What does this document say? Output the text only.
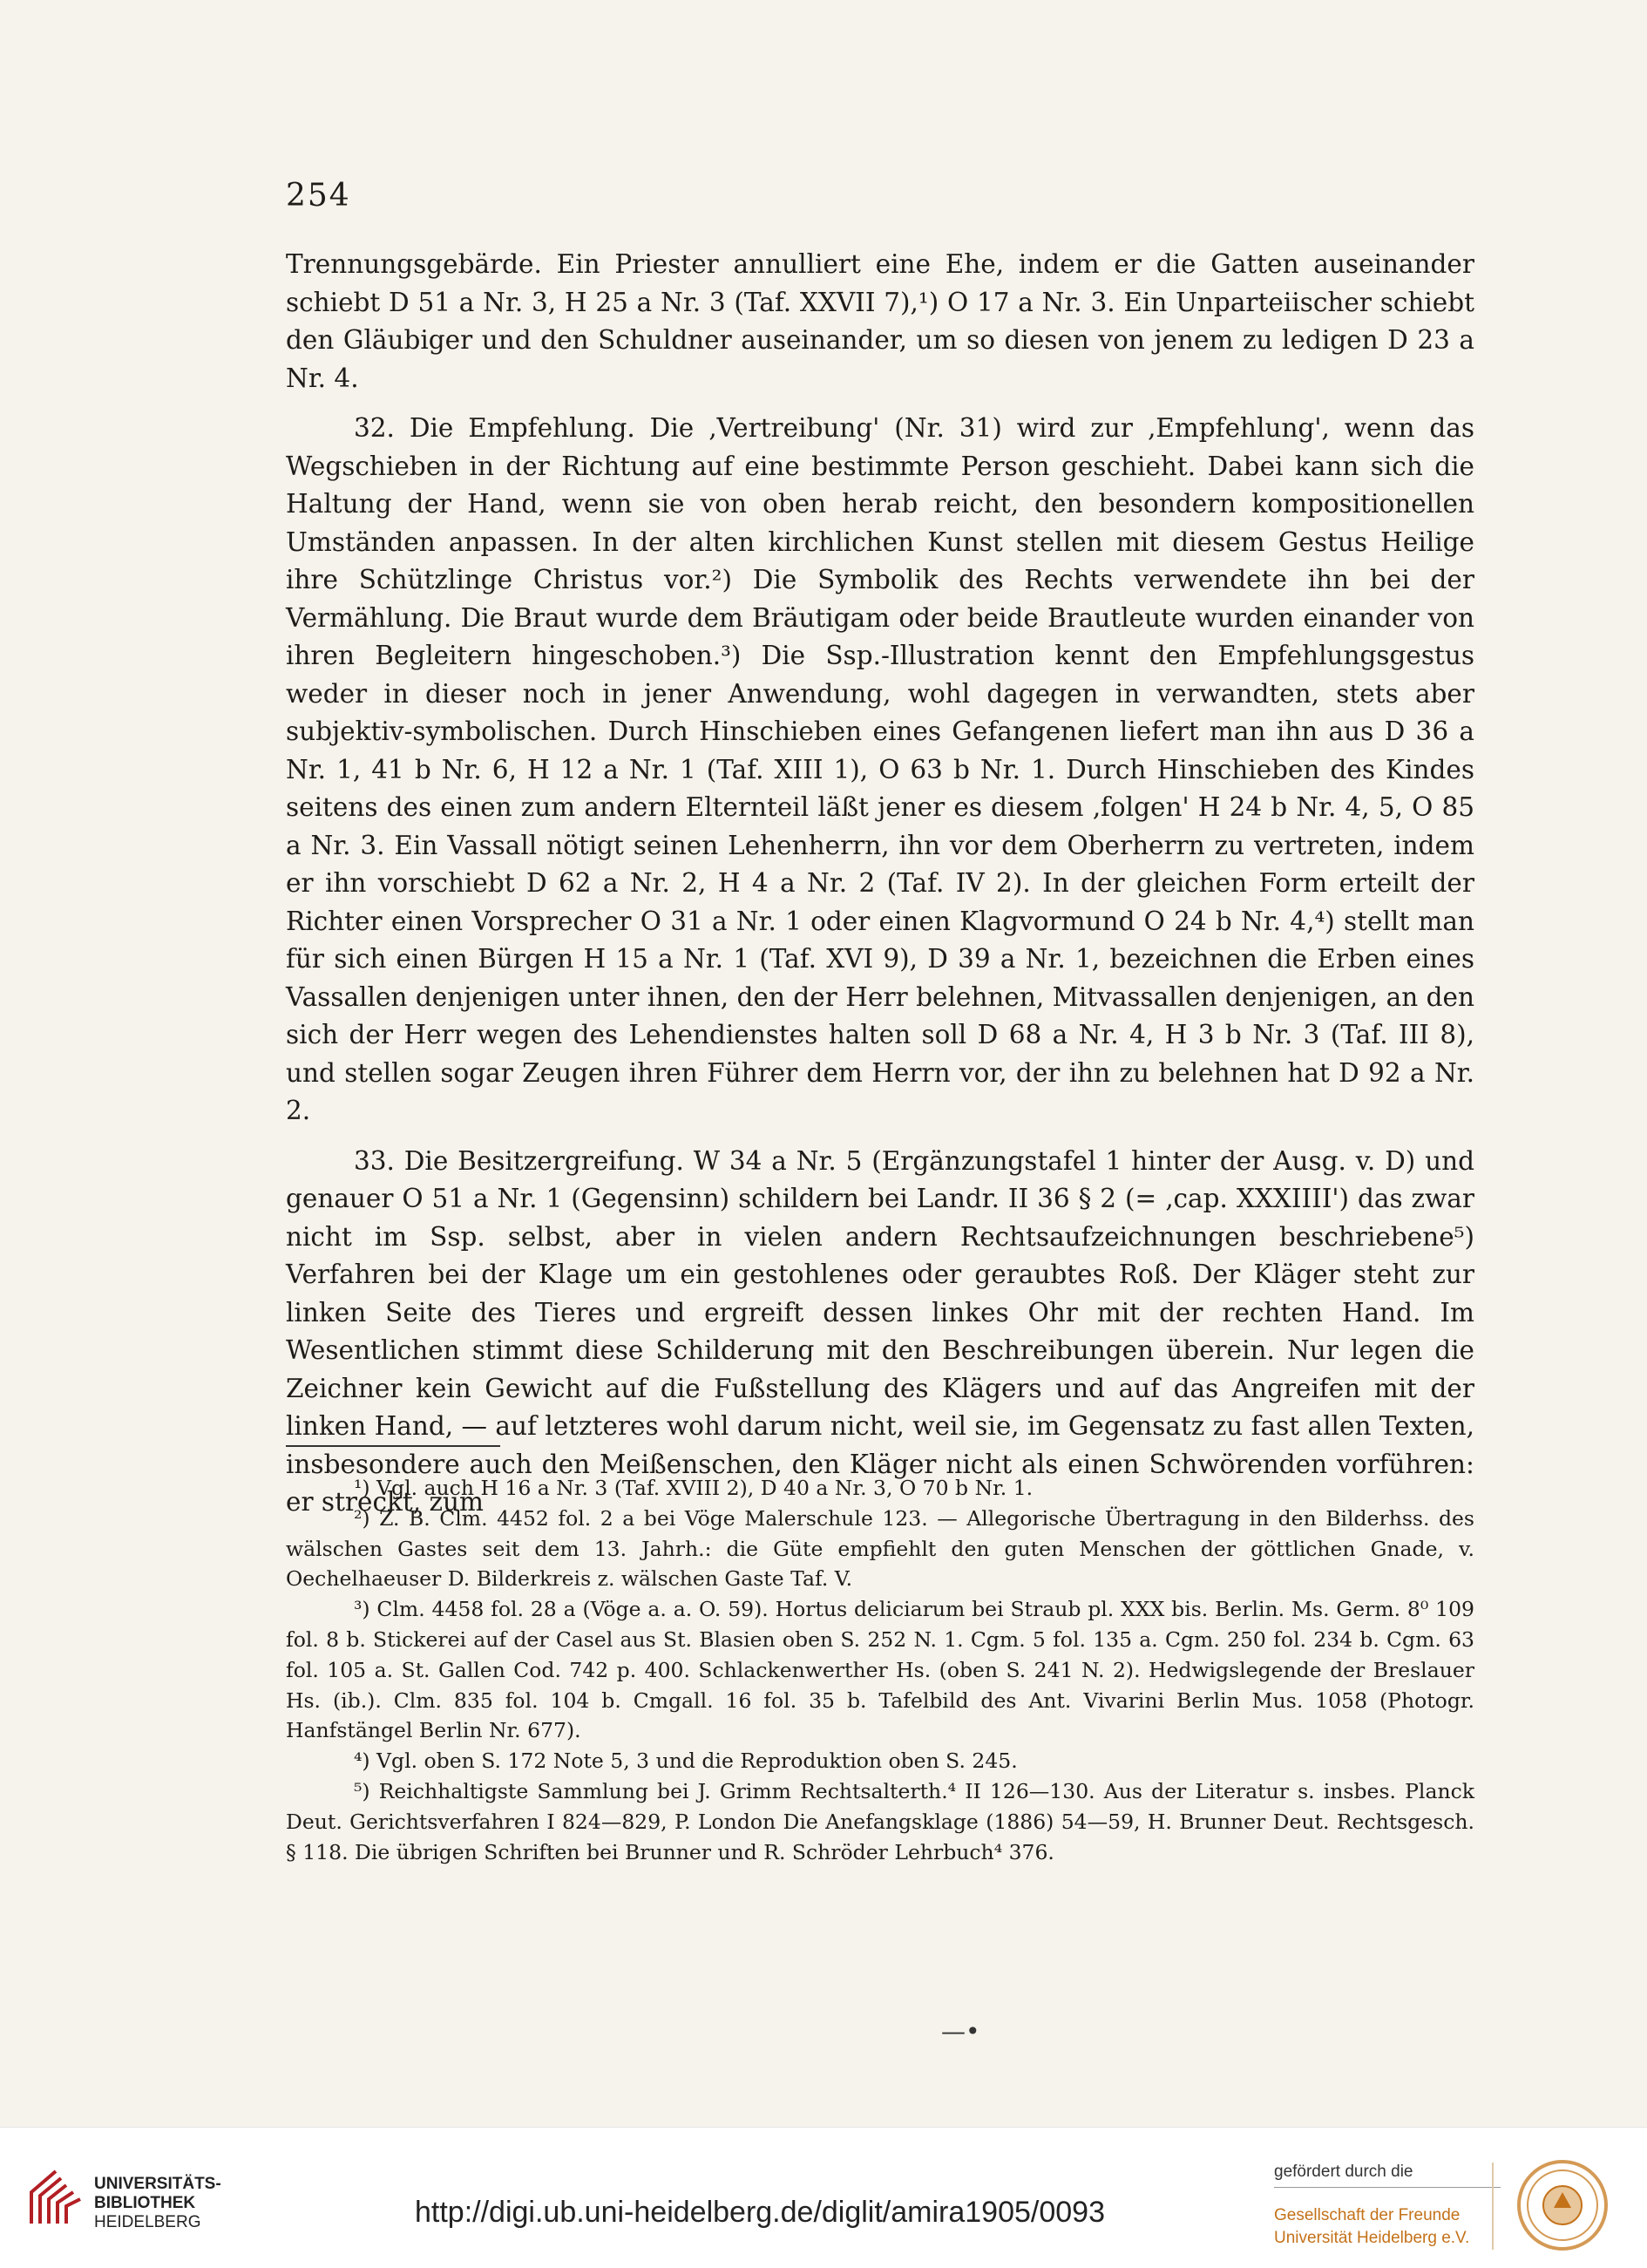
254

Trennungsgebärde. Ein Priester annulliert eine Ehe, indem er die Gatten auseinander schiebt D 51 a Nr. 3, H 25 a Nr. 3 (Taf. XXVII 7),¹) O 17 a Nr. 3. Ein Unparteiischer schiebt den Gläubiger und den Schuldner auseinander, um so diesen von jenem zu ledigen D 23 a Nr. 4.

32. Die Empfehlung. Die ‚Vertreibung' (Nr. 31) wird zur ‚Empfehlung', wenn das Wegschieben in der Richtung auf eine bestimmte Person geschieht. Dabei kann sich die Haltung der Hand, wenn sie von oben herab reicht, den besondern kompositionellen Umständen anpassen. In der alten kirchlichen Kunst stellen mit diesem Gestus Heilige ihre Schützlinge Christus vor.²) Die Symbolik des Rechts verwendete ihn bei der Vermählung. Die Braut wurde dem Bräutigam oder beide Brautleute wurden einander von ihren Begleitern hingeschoben.³) Die Ssp.-Illustration kennt den Empfehlungsgestus weder in dieser noch in jener Anwendung, wohl dagegen in verwandten, stets aber subjektiv-symbolischen. Durch Hinschieben eines Gefangenen liefert man ihn aus D 36 a Nr. 1, 41 b Nr. 6, H 12 a Nr. 1 (Taf. XIII 1), O 63 b Nr. 1. Durch Hinschieben des Kindes seitens des einen zum andern Elternteil läßt jener es diesem ‚folgen' H 24 b Nr. 4, 5, O 85 a Nr. 3. Ein Vassall nötigt seinen Lehenherrn, ihn vor dem Oberherrn zu vertreten, indem er ihn vorschiebt D 62 a Nr. 2, H 4 a Nr. 2 (Taf. IV 2). In der gleichen Form erteilt der Richter einen Vorsprecher O 31 a Nr. 1 oder einen Klagvormund O 24 b Nr. 4,⁴) stellt man für sich einen Bürgen H 15 a Nr. 1 (Taf. XVI 9), D 39 a Nr. 1, bezeichnen die Erben eines Vassallen denjenigen unter ihnen, den der Herr belehnen, Mitvassallen denjenigen, an den sich der Herr wegen des Lehendienstes halten soll D 68 a Nr. 4, H 3 b Nr. 3 (Taf. III 8), und stellen sogar Zeugen ihren Führer dem Herrn vor, der ihn zu belehnen hat D 92 a Nr. 2.

33. Die Besitzergreifung. W 34 a Nr. 5 (Ergänzungstafel 1 hinter der Ausg. v. D) und genauer O 51 a Nr. 1 (Gegensinn) schildern bei Landr. II 36 § 2 (= ‚cap. XXXIIII') das zwar nicht im Ssp. selbst, aber in vielen andern Rechtsaufzeichnungen beschriebene⁵) Verfahren bei der Klage um ein gestohlenes oder geraubtes Roß. Der Kläger steht zur linken Seite des Tieres und ergreift dessen linkes Ohr mit der rechten Hand. Im Wesentlichen stimmt diese Schilderung mit den Beschreibungen überein. Nur legen die Zeichner kein Gewicht auf die Fußstellung des Klägers und auf das Angreifen mit der linken Hand, — auf letzteres wohl darum nicht, weil sie, im Gegensatz zu fast allen Texten, insbesondere auch den Meißenschen, den Kläger nicht als einen Schwörenden vorführen: er streckt, zum

¹) Vgl. auch H 16 a Nr. 3 (Taf. XVIII 2), D 40 a Nr. 3, O 70 b Nr. 1.

²) Z. B. Clm. 4452 fol. 2 a bei Vöge Malerschule 123. — Allegorische Übertragung in den Bilderhss. des wälschen Gastes seit dem 13. Jahrh.: die Güte empfiehlt den guten Menschen der göttlichen Gnade, v. Oechelhaeuser D. Bilderkreis z. wälschen Gaste Taf. V.

³) Clm. 4458 fol. 28 a (Vöge a. a. O. 59). Hortus deliciarum bei Straub pl. XXX bis. Berlin. Ms. Germ. 8⁰ 109 fol. 8 b. Stickerei auf der Casel aus St. Blasien oben S. 252 N. 1. Cgm. 5 fol. 135 a. Cgm. 250 fol. 234 b. Cgm. 63 fol. 105 a. St. Gallen Cod. 742 p. 400. Schlackenwerther Hs. (oben S. 241 N. 2). Hedwigslegende der Breslauer Hs. (ib.). Clm. 835 fol. 104 b. Cmgall. 16 fol. 35 b. Tafelbild des Ant. Vivarini Berlin Mus. 1058 (Photogr. Hanfstängel Berlin Nr. 677).

⁴) Vgl. oben S. 172 Note 5, 3 und die Reproduktion oben S. 245.

⁵) Reichhaltigste Sammlung bei J. Grimm Rechtsalterth.⁴ II 126—130. Aus der Literatur s. insbes. Planck Deut. Gerichtsverfahren I 824—829, P. London Die Anefangsklage (1886) 54—59, H. Brunner Deut. Rechtsgesch. § 118. Die übrigen Schriften bei Brunner und R. Schröder Lehrbuch⁴ 376.

—•
UNIVERSITÄTS-
BIBLIOTHEK
HEIDELBERG	http://digi.ub.uni-heidelberg.de/diglit/amira1905/0093
gefördert durch die
Gesellschaft der Freunde
Universität Heidelberg e.V.
